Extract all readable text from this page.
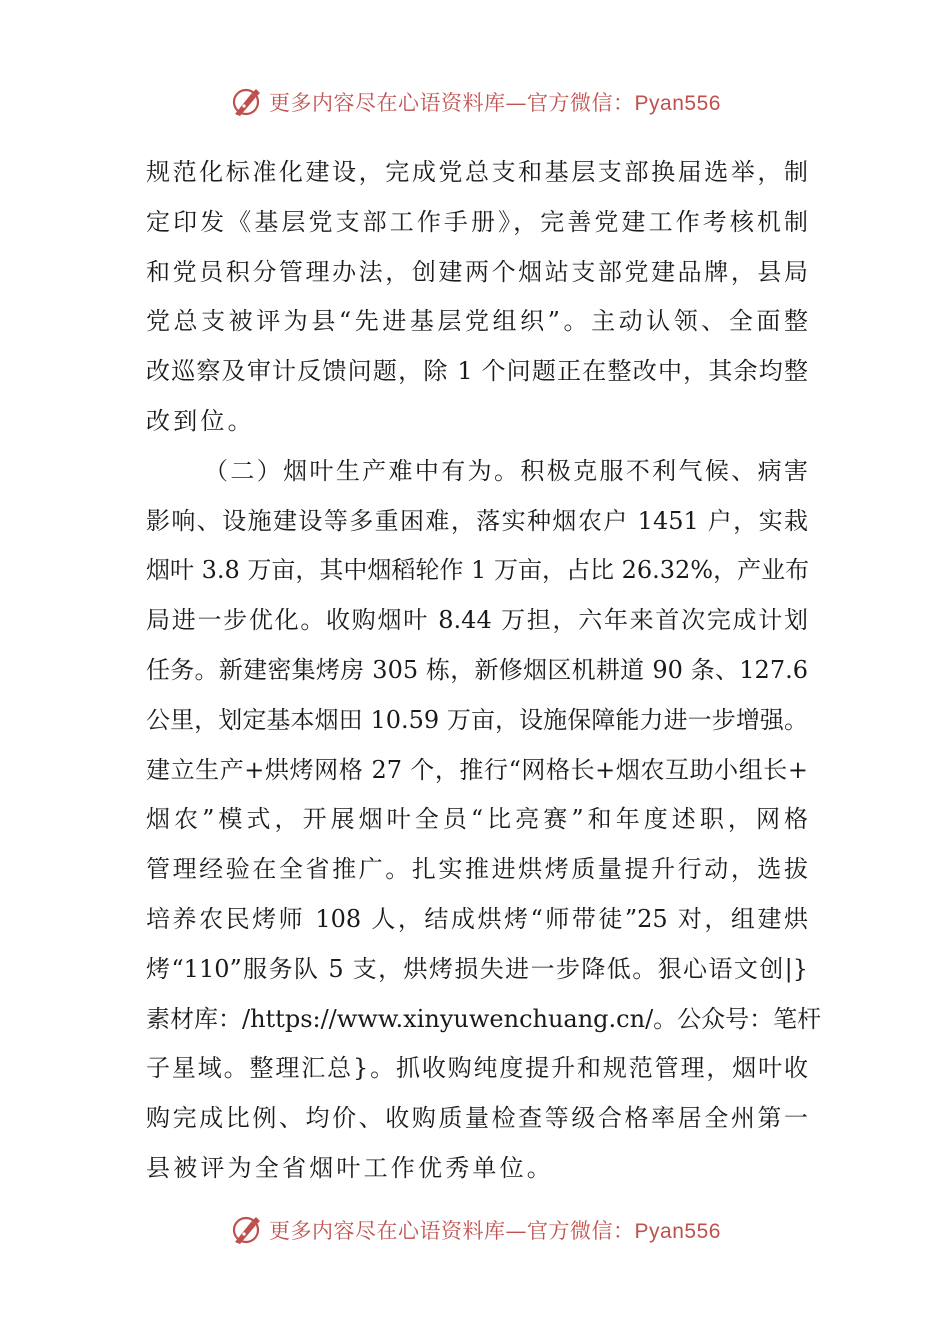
更多内容尽在心语资料库—官方微信：Pyan556
规范化标准化建设，完成党总支和基层支部换届选举，制
定印发《基层党支部工作手册》，完善党建工作考核机制
和党员积分管理办法，创建两个烟站支部党建品牌，县局
党总支被评为县“先进基层党组织”。主动认领、全面整
改巡察及审计反馈问题，除 1 个问题正在整改中，其余均整
改到位。
（二）烟叶生产难中有为。积极克服不利气候、病害
影响、设施建设等多重困难，落实种烟农户 1451 户，实栽
烟叶 3.8 万亩，其中烟稻轮作 1 万亩，占比 26.32%，产业布
局进一步优化。收购烟叶 8.44 万担，六年来首次完成计划
任务。新建密集烤房 305 栋，新修烟区机耕道 90 条、127.6
公里，划定基本烟田 10.59 万亩，设施保障能力进一步增强。
建立生产+烘烤网格 27 个，推行“网格长+烟农互助小组长+
烟农”模式，开展烟叶全员“比亮赛”和年度述职，网格
管理经验在全省推广。扎实推进烘烤质量提升行动，选拔
培养农民烤师 108 人，结成烘烤“师带徒”25 对，组建烘
烤“110”服务队 5 支，烘烤损失进一步降低。狠心语文创|}
素材库：/https://www.xinyuwenchuang.cn/。公众号：笔杆
子星域。整理汇总}。抓收购纯度提升和规范管理，烟叶收
购完成比例、均价、收购质量检查等级合格率居全州第一
县被评为全省烟叶工作优秀单位。
更多内容尽在心语资料库—官方微信：Pyan556
